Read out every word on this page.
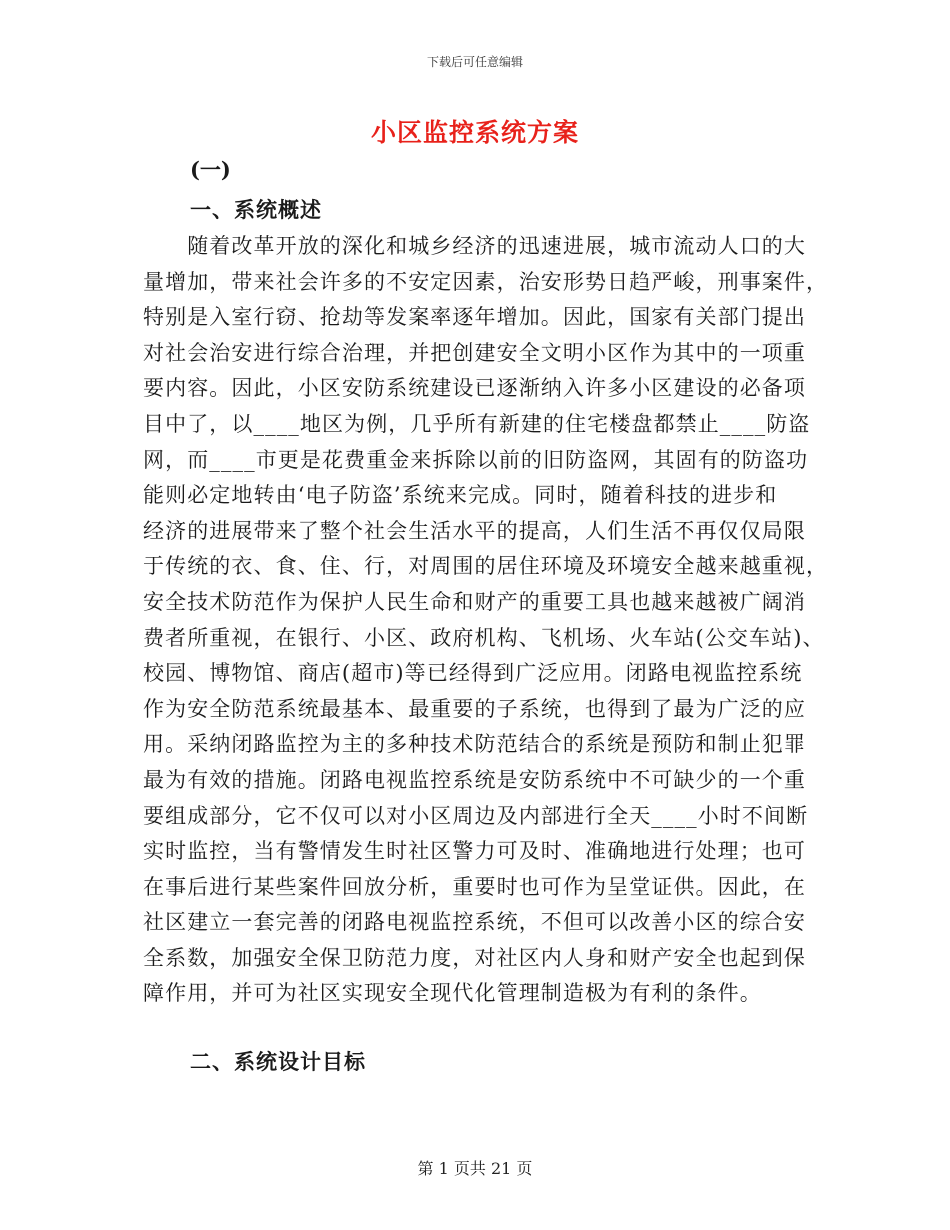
下载后可任意编辑
小区监控系统方案
(一)
一、系统概述
　　随着改革开放的深化和城乡经济的迅速进展，城市流动人口的大
量增加，带来社会许多的不安定因素，治安形势日趋严峻，刑事案件，
特别是入室行窃、抢劫等发案率逐年增加。因此，国家有关部门提出
对社会治安进行综合治理，并把创建安全文明小区作为其中的一项重
要内容。因此，小区安防系统建设已逐渐纳入许多小区建设的必备项
目中了，以____地区为例，几乎所有新建的住宅楼盘都禁止____防盗
网，而____市更是花费重金来拆除以前的旧防盗网，其固有的防盗功
能则必定地转由‘电子防盗’系统来完成。同时，随着科技的进步和
经济的进展带来了整个社会生活水平的提高，人们生活不再仅仅局限
于传统的衣、食、住、行，对周围的居住环境及环境安全越来越重视，
安全技术防范作为保护人民生命和财产的重要工具也越来越被广阔消
费者所重视，在银行、小区、政府机构、飞机场、火车站(公交车站)、
校园、博物馆、商店(超市)等已经得到广泛应用。闭路电视监控系统
作为安全防范系统最基本、最重要的子系统，也得到了最为广泛的应
用。采纳闭路监控为主的多种技术防范结合的系统是预防和制止犯罪
最为有效的措施。闭路电视监控系统是安防系统中不可缺少的一个重
要组成部分，它不仅可以对小区周边及内部进行全天____小时不间断
实时监控，当有警情发生时社区警力可及时、准确地进行处理；也可
在事后进行某些案件回放分析，重要时也可作为呈堂证供。因此，在
社区建立一套完善的闭路电视监控系统，不但可以改善小区的综合安
全系数，加强安全保卫防范力度，对社区内人身和财产安全也起到保
障作用，并可为社区实现安全现代化管理制造极为有利的条件。
二、系统设计目标
第 1 页共 21 页
